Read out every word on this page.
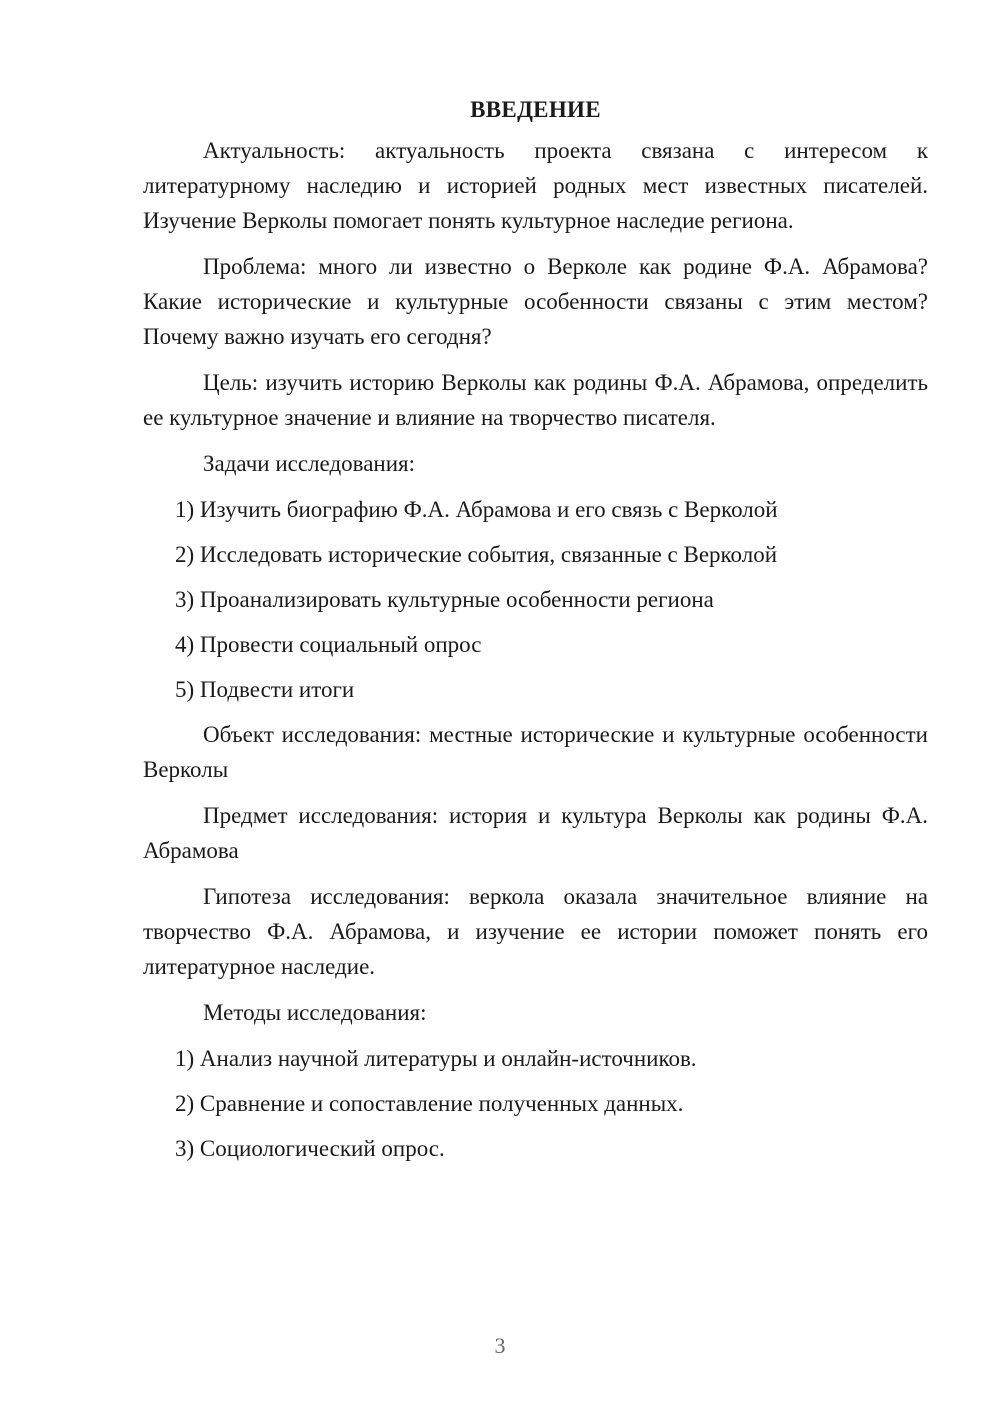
ВВЕДЕНИЕ

Актуальность: актуальность проекта связана с интересом к литературному наследию и историей родных мест известных писателей. Изучение Верколы помогает понять культурное наследие региона.

Проблема: много ли известно о Верколе как родине Ф.А. Абрамова? Какие исторические и культурные особенности связаны с этим местом? Почему важно изучать его сегодня?

Цель: изучить историю Верколы как родины Ф.А. Абрамова, определить ее культурное значение и влияние на творчество писателя.

Задачи исследования:

1) Изучить биографию Ф.А. Абрамова и его связь с Верколой
2) Исследовать исторические события, связанные с Верколой
3) Проанализировать культурные особенности региона
4) Провести социальный опрос
5) Подвести итоги

Объект исследования: местные исторические и культурные особенности Верколы

Предмет исследования: история и культура Верколы как родины Ф.А. Абрамова

Гипотеза исследования: веркола оказала значительное влияние на творчество Ф.А. Абрамова, и изучение ее истории поможет понять его литературное наследие.

Методы исследования:

1) Анализ научной литературы и онлайн-источников.
2) Сравнение и сопоставление полученных данных.
3) Социологический опрос.
3
